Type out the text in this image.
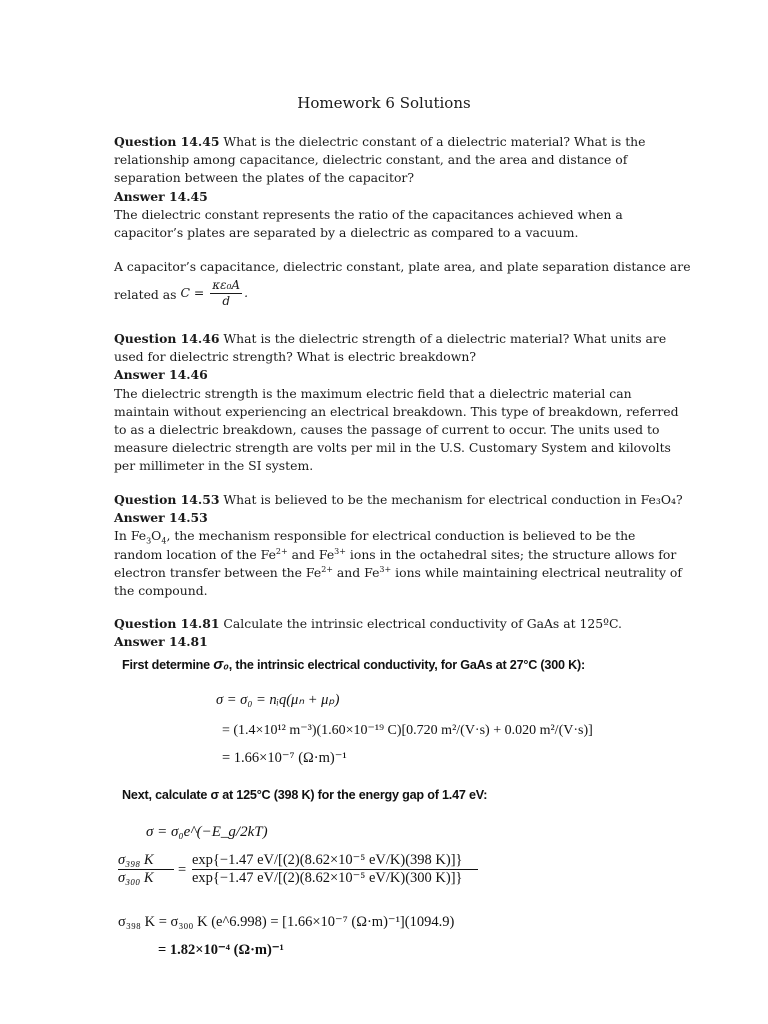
Homework 6 Solutions
Question 14.45 What is the dielectric constant of a dielectric material? What is the
relationship among capacitance, dielectric constant, and the area and distance of
separation between the plates of the capacitor?
Answer 14.45
The dielectric constant represents the ratio of the capacitances achieved when a
capacitor’s plates are separated by a dielectric as compared to a vacuum.
A capacitor’s capacitance, dielectric constant, plate area, and plate separation distance are
related as $C = \frac{\text{κε₀A}}{d}$ .
Question 14.46 What is the dielectric strength of a dielectric material? What units are
used for dielectric strength? What is electric breakdown?
Answer 14.46
The dielectric strength is the maximum electric field that a dielectric material can
maintain without experiencing an electrical breakdown. This type of breakdown, referred
to as a dielectric breakdown, causes the passage of current to occur. The units used to
measure dielectric strength are volts per mil in the U.S. Customary System and kilovolts
per millimeter in the SI system.
Question 14.53 What is believed to be the mechanism for electrical conduction in Fe₃O₄?
Answer 14.53
In $Fe_3O_4$, the mechanism responsible for electrical conduction is believed to be the
random location of the $Fe^{2+}$ and $Fe^{3+}$ ions in the octahedral sites; the structure allows for
electron transfer between the $Fe^{2+}$ and $Fe^{3+}$ ions while maintaining electrical neutrality of
the compound.
Question 14.81 Calculate the intrinsic electrical conductivity of GaAs at 125ºC.
Answer 14.81
First determine σ₀, the intrinsic electrical conductivity, for GaAs at 27°C (300 K):
σ = σ₀ = nᵢq(μₙ + μₚ)
= (1.4×10¹² m⁻³)(1.60×10⁻¹⁹ C)[0.720 m²/(V·s) + 0.020 m²/(V·s)]
= 1.66×10⁻⁷ (Ω·m)⁻¹
Next, calculate σ at 125°C (398 K) for the energy gap of 1.47 eV:
σ = σ₀e^(−E_g/2kT)
σ₃₉₈ K
σ₃₀₀ K	=
exp{−1.47 eV/[(2)(8.62×10⁻⁵ eV/K)(398 K)]}
exp{−1.47 eV/[(2)(8.62×10⁻⁵ eV/K)(300 K)]}
σ₃₉₈ K = σ₃₀₀ K (e^6.998) = [1.66×10⁻⁷ (Ω·m)⁻¹](1094.9)
= 1.82×10⁻⁴ (Ω·m)⁻¹
